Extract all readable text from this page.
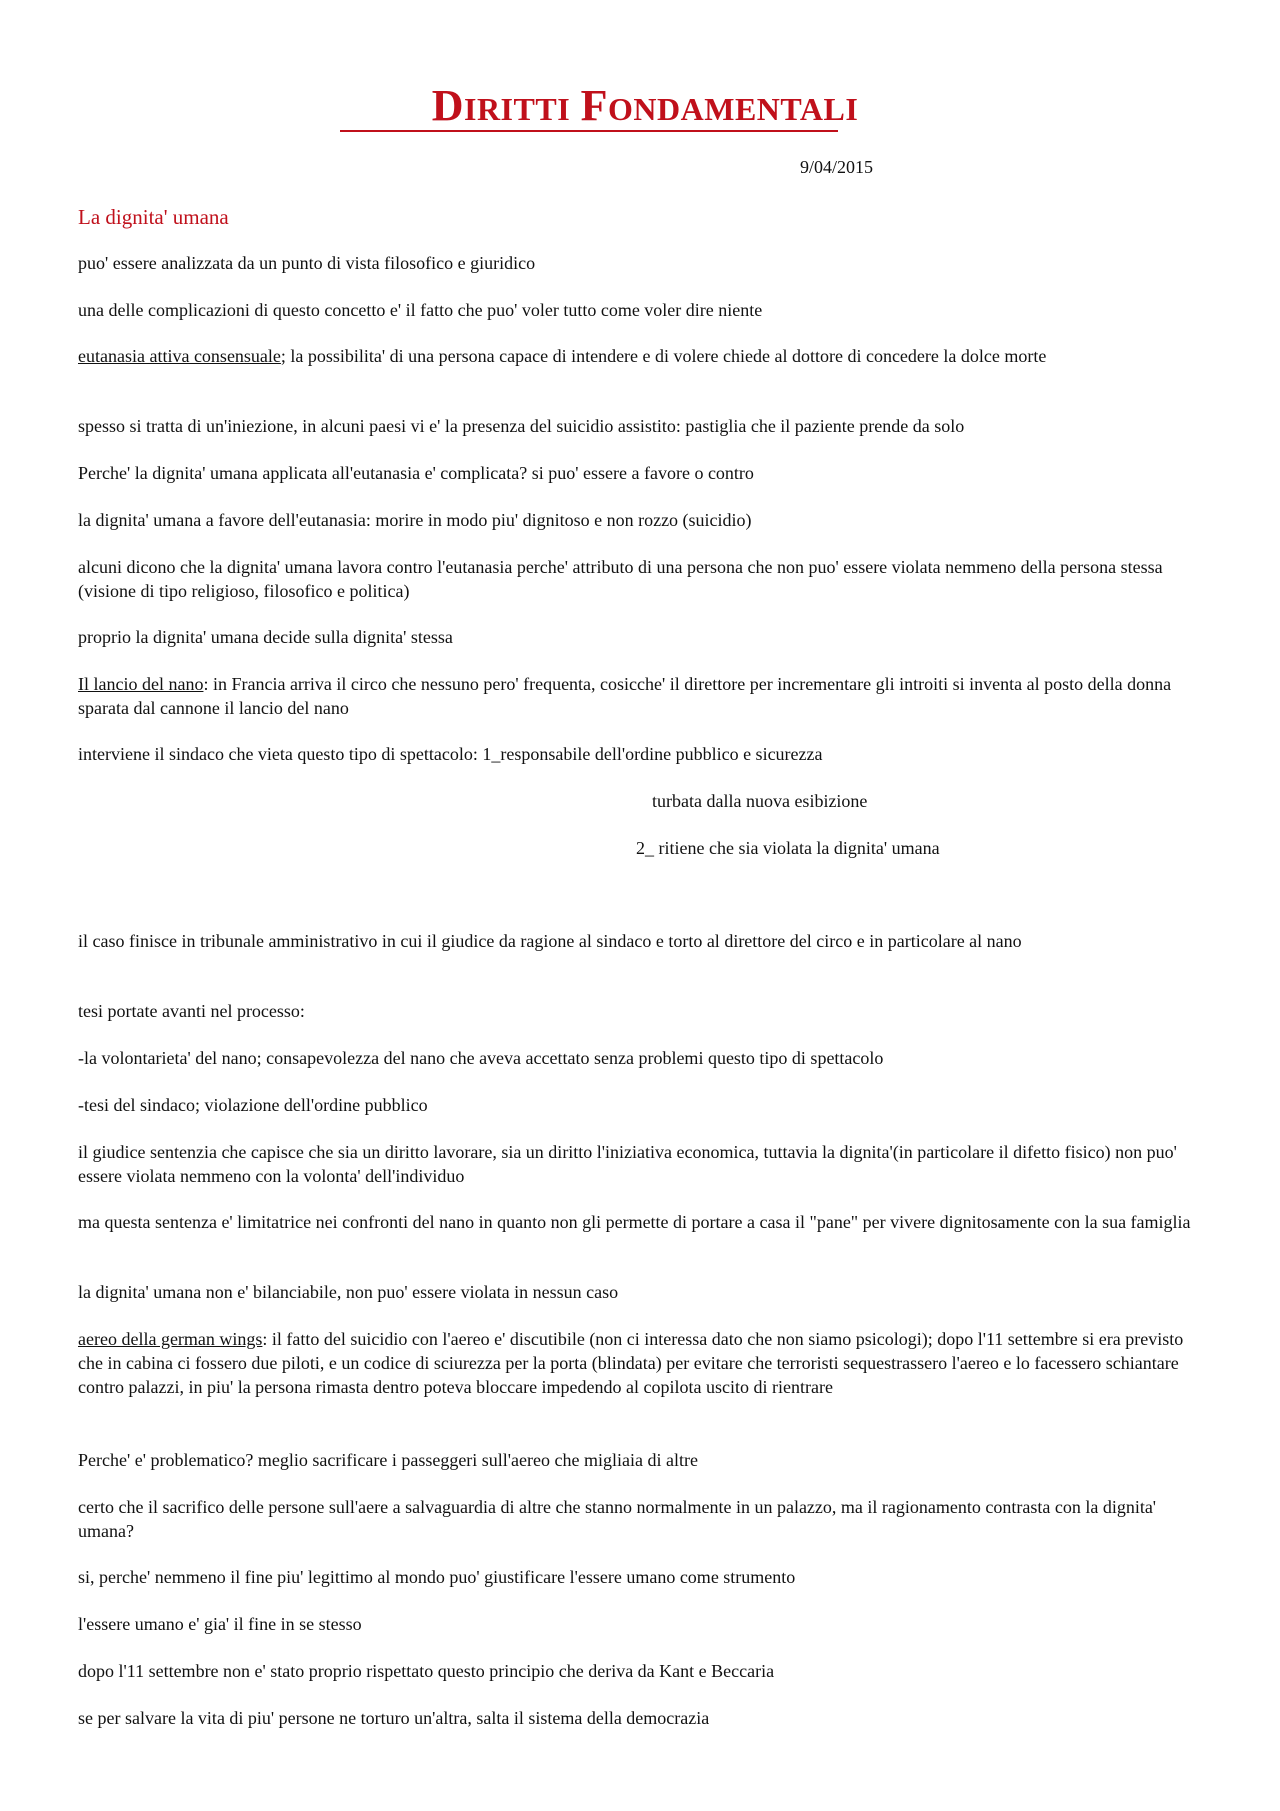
DIRITTI FONDAMENTALI
9/04/2015
La dignita' umana

puo' essere analizzata da un punto di vista filosofico e giuridico

una delle complicazioni di questo concetto e' il fatto che puo' voler tutto come voler dire niente

eutanasia attiva consensuale; la possibilita' di una persona capace di intendere e di volere chiede al dottore di concedere la dolce morte

spesso si tratta di un'iniezione, in alcuni paesi vi e' la presenza del suicidio assistito: pastiglia che il paziente prende da solo

Perche' la dignita' umana applicata all'eutanasia e' complicata? si puo' essere a favore o contro

la dignita' umana a favore dell'eutanasia: morire in modo piu' dignitoso e non rozzo (suicidio)

alcuni dicono che la dignita' umana lavora contro l'eutanasia perche' attributo di una persona che non puo' essere violata nemmeno della persona stessa (visione di tipo religioso, filosofico e politica)

proprio la dignita' umana decide sulla dignita' stessa

Il lancio del nano: in Francia arriva il circo che nessuno pero' frequenta, cosicche' il direttore per incrementare gli introiti si inventa al posto della donna sparata dal cannone il lancio del nano

interviene il sindaco che vieta questo tipo di spettacolo: 1_responsabile dell'ordine pubblico e sicurezza

turbata dalla nuova esibizione

2_ ritiene che sia violata la dignita' umana

il caso finisce in tribunale amministrativo in cui il giudice da ragione al sindaco e torto al direttore del circo e in particolare al nano

tesi portate avanti nel processo:

-la volontarieta' del nano; consapevolezza del nano che aveva accettato senza problemi questo tipo di spettacolo

-tesi del sindaco; violazione dell'ordine pubblico

il giudice sentenzia che capisce che sia un diritto lavorare, sia un diritto l'iniziativa economica, tuttavia la dignita'(in particolare il difetto fisico) non puo' essere violata nemmeno con la volonta' dell'individuo

ma questa sentenza e' limitatrice nei confronti del nano in quanto non gli permette di portare a casa il "pane" per vivere dignitosamente con la sua famiglia

la dignita' umana non e' bilanciabile, non puo' essere violata in nessun caso

aereo della german wings: il fatto del suicidio con l'aereo e' discutibile (non ci interessa dato che non siamo psicologi); dopo l'11 settembre si era previsto che in cabina ci fossero due piloti, e un codice di sciurezza per la porta (blindata) per evitare che terroristi sequestrassero l'aereo e lo facessero schiantare contro palazzi, in piu' la persona rimasta dentro poteva bloccare impedendo al copilota uscito di rientrare

Perche' e' problematico? meglio sacrificare i passeggeri sull'aereo che migliaia di altre

certo che il sacrifico delle persone sull'aere a salvaguardia di altre che stanno normalmente in un palazzo, ma il ragionamento contrasta con la dignita' umana?

si, perche' nemmeno il fine piu' legittimo al mondo puo' giustificare l'essere umano come strumento

l'essere umano e' gia' il fine in se stesso

dopo l'11 settembre non e' stato proprio rispettato questo principio che deriva da Kant e Beccaria

se per salvare la vita di piu' persone ne torturo un'altra, salta il sistema della democrazia
